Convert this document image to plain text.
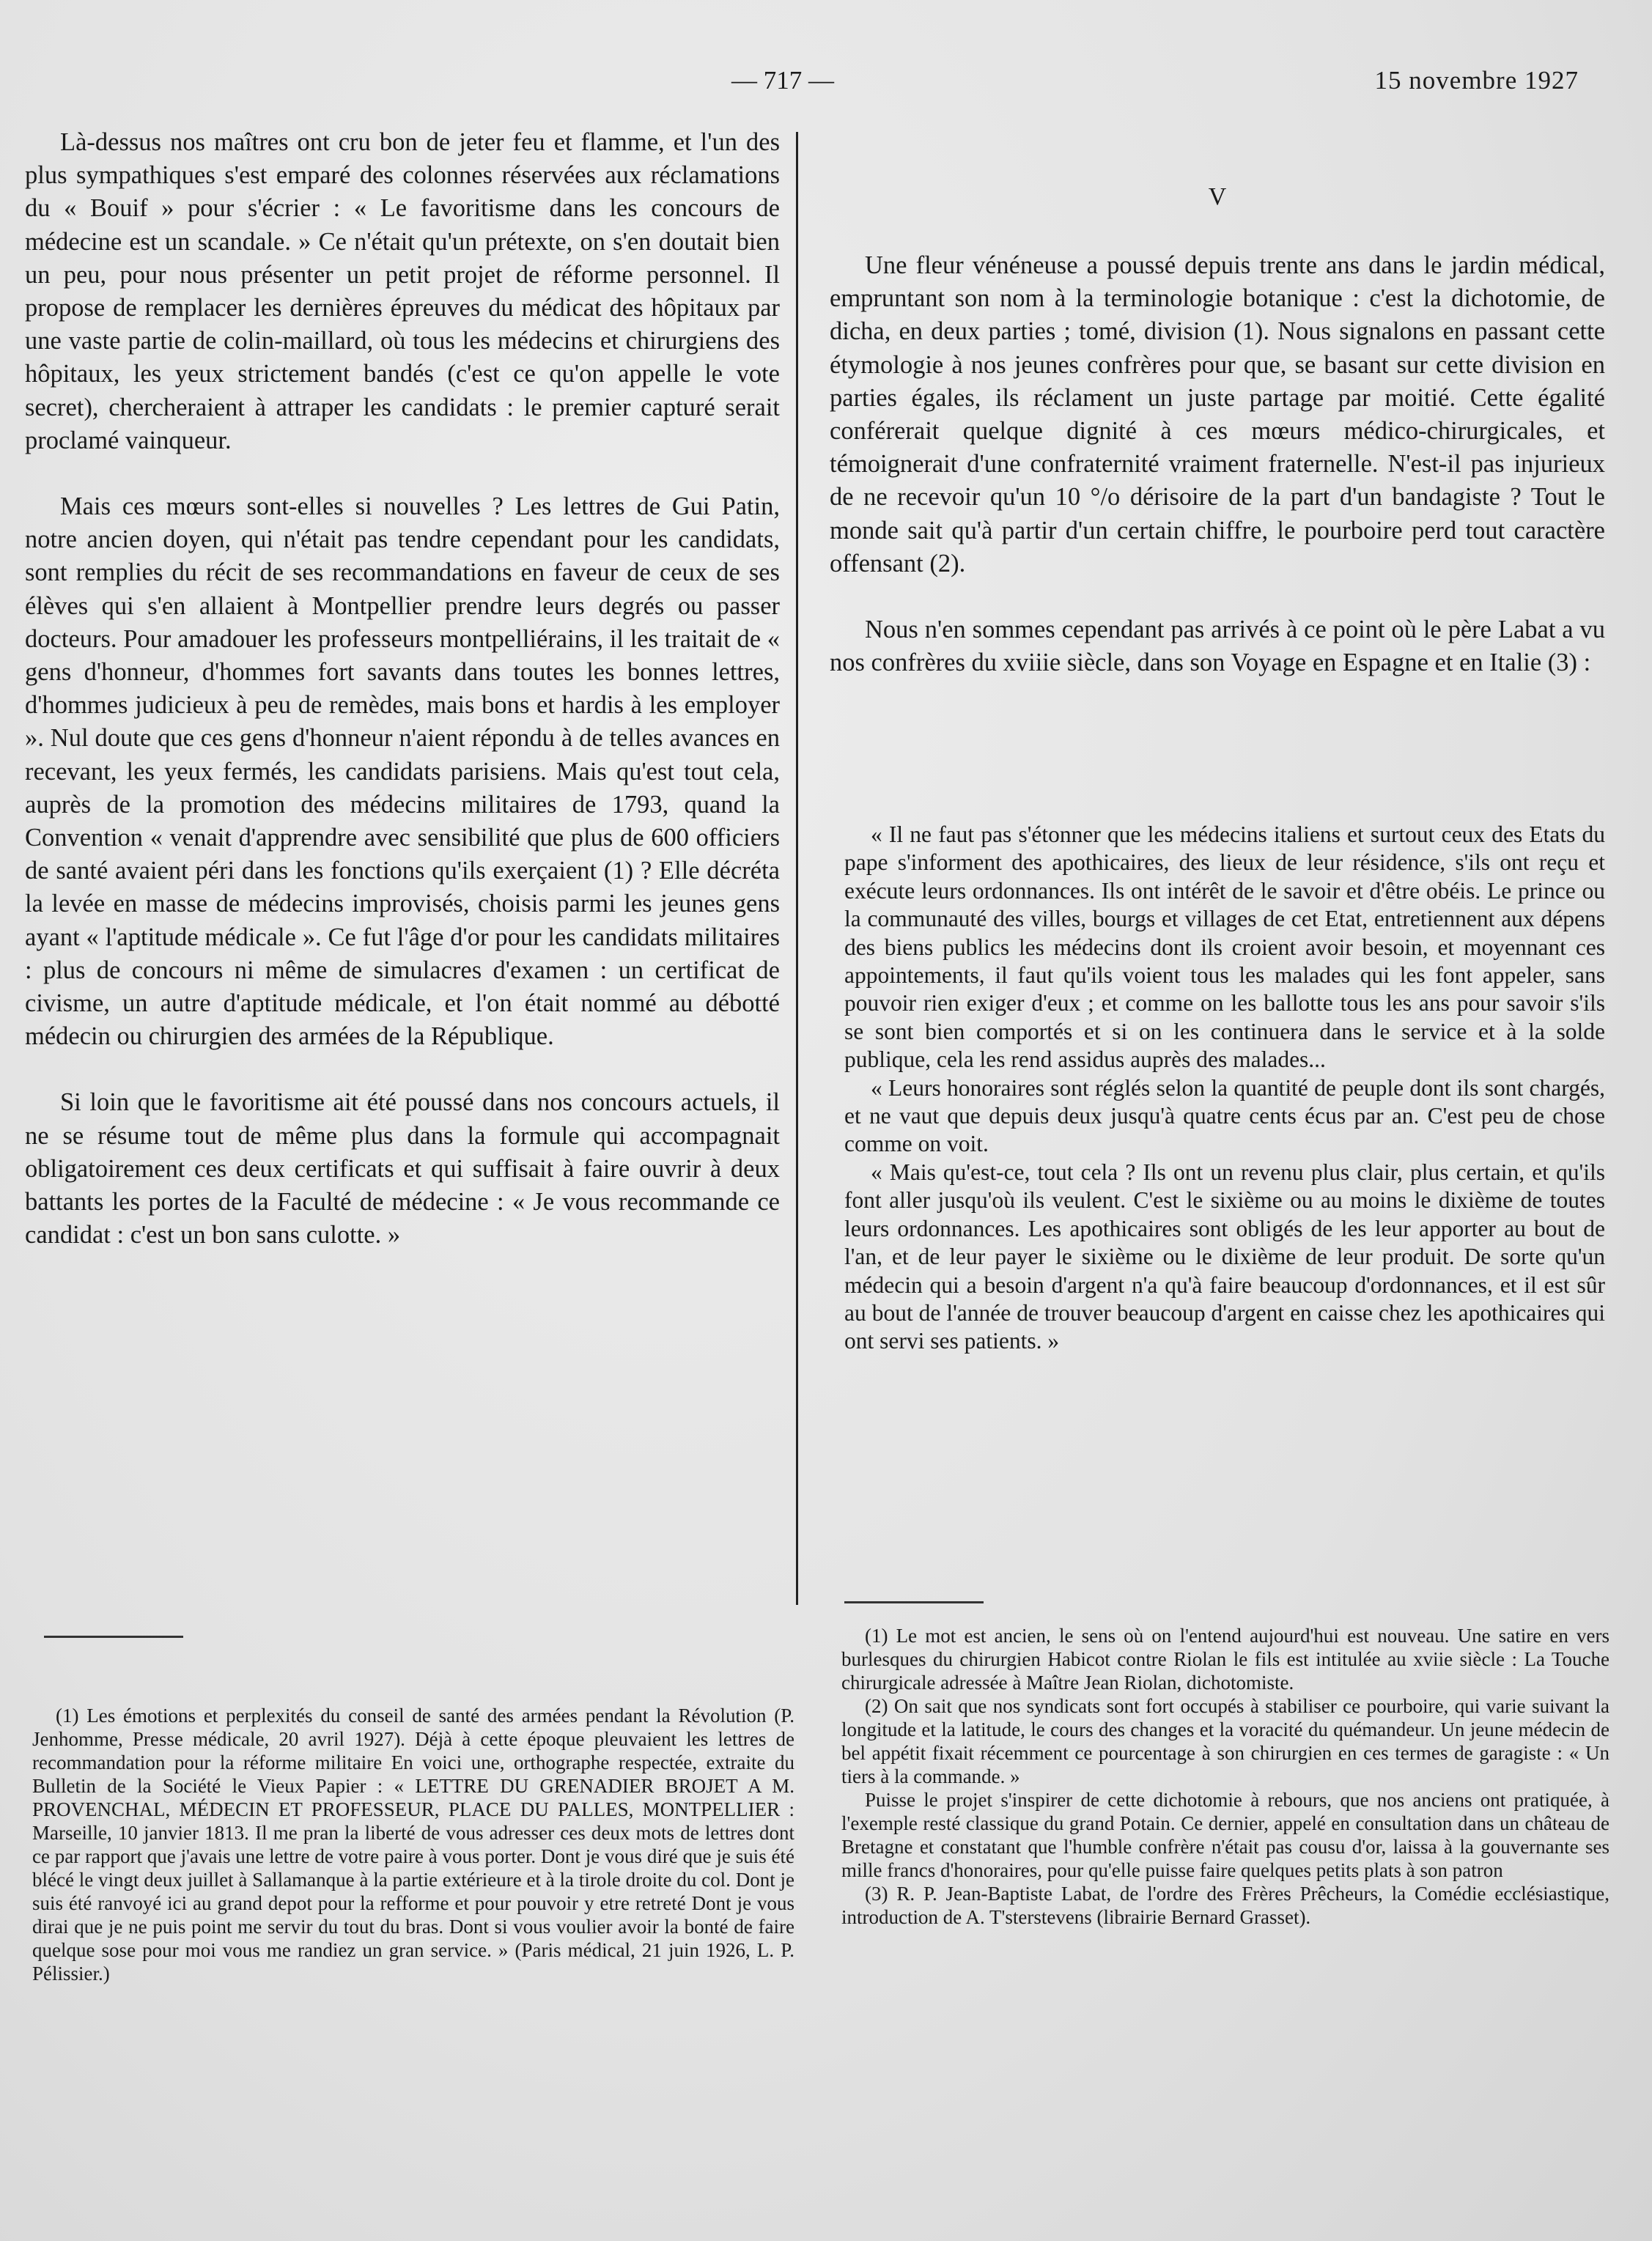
— 717 —	15 novembre 1927

Là-dessus nos maîtres ont cru bon de jeter feu et flamme, et l'un des plus sympathiques s'est emparé des colonnes réservées aux réclamations du « Bouif » pour s'écrier : « Le favoritisme dans les concours de médecine est un scandale. » Ce n'était qu'un prétexte, on s'en doutait bien un peu, pour nous présenter un petit projet de réforme personnel. Il propose de remplacer les dernières épreuves du médicat des hôpitaux par une vaste partie de colin-maillard, où tous les médecins et chirurgiens des hôpitaux, les yeux strictement bandés (c'est ce qu'on appelle le vote secret), chercheraient à attraper les candidats : le premier capturé serait proclamé vainqueur.

Mais ces mœurs sont-elles si nouvelles ? Les lettres de Gui Patin, notre ancien doyen, qui n'était pas tendre cependant pour les candidats, sont remplies du récit de ses recommandations en faveur de ceux de ses élèves qui s'en allaient à Montpellier prendre leurs degrés ou passer docteurs. Pour amadouer les professeurs montpelliérains, il les traitait de « gens d'honneur, d'hommes fort savants dans toutes les bonnes lettres, d'hommes judicieux à peu de remèdes, mais bons et hardis à les employer ». Nul doute que ces gens d'honneur n'aient répondu à de telles avances en recevant, les yeux fermés, les candidats parisiens. Mais qu'est tout cela, auprès de la promotion des médecins militaires de 1793, quand la Convention « venait d'apprendre avec sensibilité que plus de 600 officiers de santé avaient péri dans les fonctions qu'ils exerçaient (1) ? Elle décréta la levée en masse de médecins improvisés, choisis parmi les jeunes gens ayant « l'aptitude médicale ». Ce fut l'âge d'or pour les candidats militaires : plus de concours ni même de simulacres d'examen : un certificat de civisme, un autre d'aptitude médicale, et l'on était nommé au débotté médecin ou chirurgien des armées de la République.

Si loin que le favoritisme ait été poussé dans nos concours actuels, il ne se résume tout de même plus dans la formule qui accompagnait obligatoirement ces deux certificats et qui suffisait à faire ouvrir à deux battants les portes de la Faculté de médecine : « Je vous recommande ce candidat : c'est un bon sans culotte. »

V

Une fleur vénéneuse a poussé depuis trente ans dans le jardin médical, empruntant son nom à la terminologie botanique : c'est la dichotomie, de dicha, en deux parties ; tomé, division (1). Nous signalons en passant cette étymologie à nos jeunes confrères pour que, se basant sur cette division en parties égales, ils réclament un juste partage par moitié. Cette égalité conférerait quelque dignité à ces mœurs médico-chirurgicales, et témoignerait d'une confraternité vraiment fraternelle. N'est-il pas injurieux de ne recevoir qu'un 10 °/o dérisoire de la part d'un bandagiste ? Tout le monde sait qu'à partir d'un certain chiffre, le pourboire perd tout caractère offensant (2).

Nous n'en sommes cependant pas arrivés à ce point où le père Labat a vu nos confrères du xviiie siècle, dans son Voyage en Espagne et en Italie (3) :

« Il ne faut pas s'étonner que les médecins italiens et surtout ceux des Etats du pape s'informent des apothicaires, des lieux de leur résidence, s'ils ont reçu et exécute leurs ordonnances. Ils ont intérêt de le savoir et d'être obéis. Le prince ou la communauté des villes, bourgs et villages de cet Etat, entretiennent aux dépens des biens publics les médecins dont ils croient avoir besoin, et moyennant ces appointements, il faut qu'ils voient tous les malades qui les font appeler, sans pouvoir rien exiger d'eux ; et comme on les ballotte tous les ans pour savoir s'ils se sont bien comportés et si on les continuera dans le service et à la solde publique, cela les rend assidus auprès des malades...

« Leurs honoraires sont réglés selon la quantité de peuple dont ils sont chargés, et ne vaut que depuis deux jusqu'à quatre cents écus par an. C'est peu de chose comme on voit.

« Mais qu'est-ce, tout cela ? Ils ont un revenu plus clair, plus certain, et qu'ils font aller jusqu'où ils veulent. C'est le sixième ou au moins le dixième de toutes leurs ordonnances. Les apothicaires sont obligés de les leur apporter au bout de l'an, et de leur payer le sixième ou le dixième de leur produit. De sorte qu'un médecin qui a besoin d'argent n'a qu'à faire beaucoup d'ordonnances, et il est sûr au bout de l'année de trouver beaucoup d'argent en caisse chez les apothicaires qui ont servi ses patients. »

(1) Les émotions et perplexités du conseil de santé des armées pendant la Révolution (P. Jenhomme, Presse médicale, 20 avril 1927). Déjà à cette époque pleuvaient les lettres de recommandation pour la réforme militaire En voici une, orthographe respectée, extraite du Bulletin de la Société le Vieux Papier : « LETTRE DU GRENADIER BROJET A M. PROVENCHAL, MÉDECIN ET PROFESSEUR, PLACE DU PALLES, MONTPELLIER : Marseille, 10 janvier 1813. Il me pran la liberté de vous adresser ces deux mots de lettres dont ce par rapport que j'avais une lettre de votre paire à vous porter. Dont je vous diré que je suis été blécé le vingt deux juillet à Sallamanque à la partie extérieure et à la tirole droite du col. Dont je suis été ranvoyé ici au grand depot pour la refforme et pour pouvoir y etre retreté Dont je vous dirai que je ne puis point me servir du tout du bras. Dont si vous voulier avoir la bonté de faire quelque sose pour moi vous me randiez un gran service. » (Paris médical, 21 juin 1926, L. P. Pélissier.)

(1) Le mot est ancien, le sens où on l'entend aujourd'hui est nouveau. Une satire en vers burlesques du chirurgien Habicot contre Riolan le fils est intitulée au xviie siècle : La Touche chirurgicale adressée à Maître Jean Riolan, dichotomiste.

(2) On sait que nos syndicats sont fort occupés à stabiliser ce pourboire, qui varie suivant la longitude et la latitude, le cours des changes et la voracité du quémandeur. Un jeune médecin de bel appétit fixait récemment ce pourcentage à son chirurgien en ces termes de garagiste : « Un tiers à la commande. »

Puisse le projet s'inspirer de cette dichotomie à rebours, que nos anciens ont pratiquée, à l'exemple resté classique du grand Potain. Ce dernier, appelé en consultation dans un château de Bretagne et constatant que l'humble confrère n'était pas cousu d'or, laissa à la gouvernante ses mille francs d'honoraires, pour qu'elle puisse faire quelques petits plats à son patron

(3) R. P. Jean-Baptiste Labat, de l'ordre des Frères Prêcheurs, la Comédie ecclésiastique, introduction de A. T'sterstevens (librairie Bernard Grasset).
